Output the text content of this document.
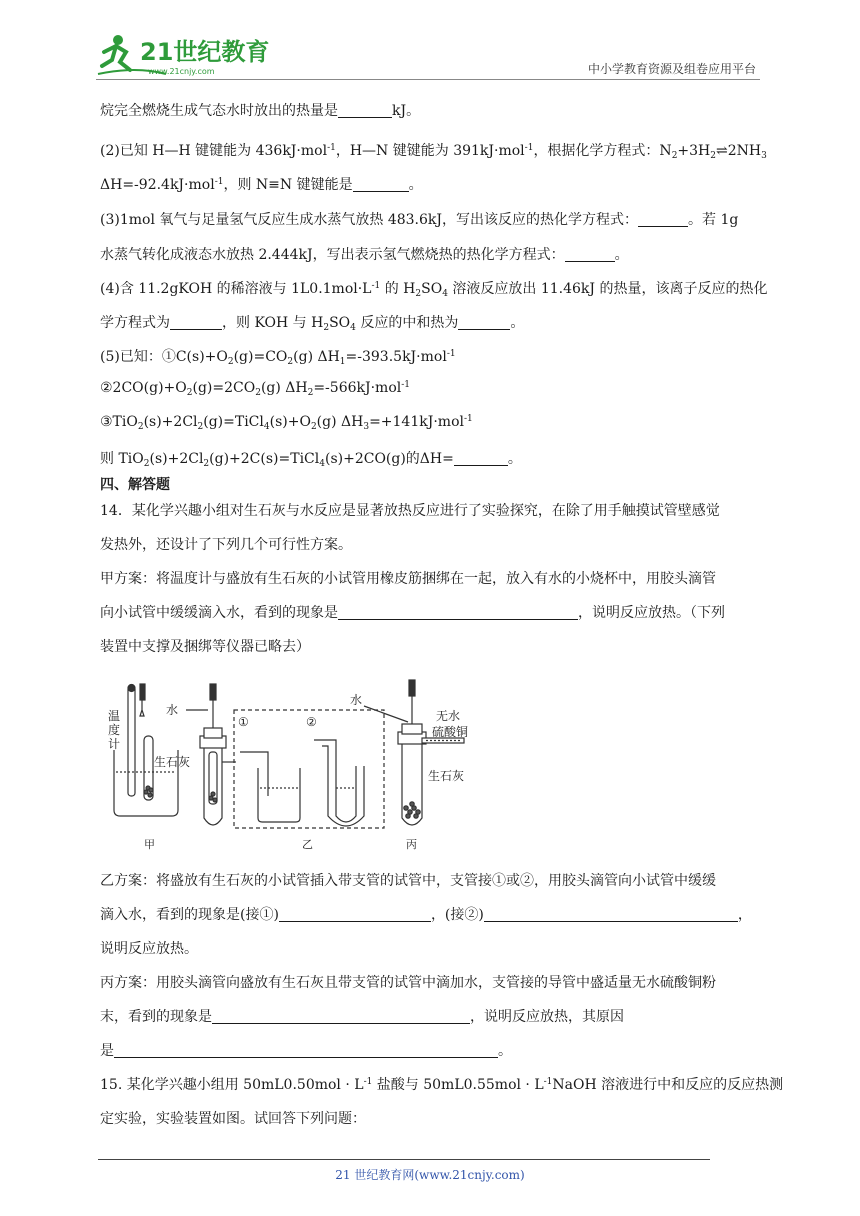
21世纪教育
www.21cnjy.com	中小学教育资源及组卷应用平台
烷完全燃烧生成气态水时放出的热量是	kJ。
(2)已知 H—H 键键能为 436kJ·mol$^{-1}$，H—N 键键能为 391kJ·mol$^{-1}$，根据化学方程式：$N_2+3H_2\rightleftharpoons 2NH_3$
ΔH=-92.4kJ·mol$^{-1}$，则 N≡N 键键能是	。
(3)1mol 氧气与足量氢气反应生成水蒸气放热 483.6kJ，写出该反应的热化学方程式：	。若 1g
水蒸气转化成液态水放热 2.444kJ，写出表示氢气燃烧热的热化学方程式：	。
(4)含 11.2gKOH 的稀溶液与 $1L0.1mol\cdot L^{-1}$ 的 $H_2SO_4$ 溶液反应放出 11.46kJ 的热量，该离子反应的热化
学方程式为	，则 KOH 与 $H_2SO_4$ 反应的中和热为	。
(5)已知：$①C(s)+O_2(g)=CO_2(g)$ $\Delta H_1=-393.5kJ\cdot mol^{-1}$
$②2CO(g)+O_2(g)=2CO_2(g)$ $\Delta H_2=-566kJ\cdot mol^{-1}$
$③TiO_2(s)+2Cl_2(g)=TiCl_4(s)+O_2(g)$ $\Delta H_3=+141kJ\cdot mol^{-1}$
则 $TiO_2(s)+2Cl_2(g)+2C(s)=TiCl_4(s)+2CO(g)$的ΔH=	。
四、解答题
14．某化学兴趣小组对生石灰与水反应是显著放热反应进行了实验探究，在除了用手触摸试管壁感觉
发热外，还设计了下列几个可行性方案。
甲方案：将温度计与盛放有生石灰的小试管用橡皮筋捆绑在一起，放入有水的小烧杯中，用胶头滴管
向小试管中缓缓滴入水，看到的现象是	，说明反应放热。（下列
装置中支撑及捆绑等仪器已略去）
乙方案：将盛放有生石灰的小试管插入带支管的试管中，支管接①或②，用胶头滴管向小试管中缓缓
滴入水，看到的现象是(接①)	，(接②)	，
说明反应放热。
丙方案：用胶头滴管向盛放有生石灰且带支管的试管中滴加水，支管接的导管中盛适量无水硫酸铜粉
末，看到的现象是	，说明反应放热，其原因
是	。
15. 某化学兴趣小组用 $50mL0.50mol \cdot L^{-1}$ 盐酸与 $50mL0.55mol \cdot L^{-1}NaOH$ 溶液进行中和反应的反应热测
定实验，实验装置如图。试回答下列问题：
温
度
计
水
生石灰
①	②
水
无水
硫酸铜
生石灰
甲	乙	丙
21 世纪教育网(www.21cnjy.com)
